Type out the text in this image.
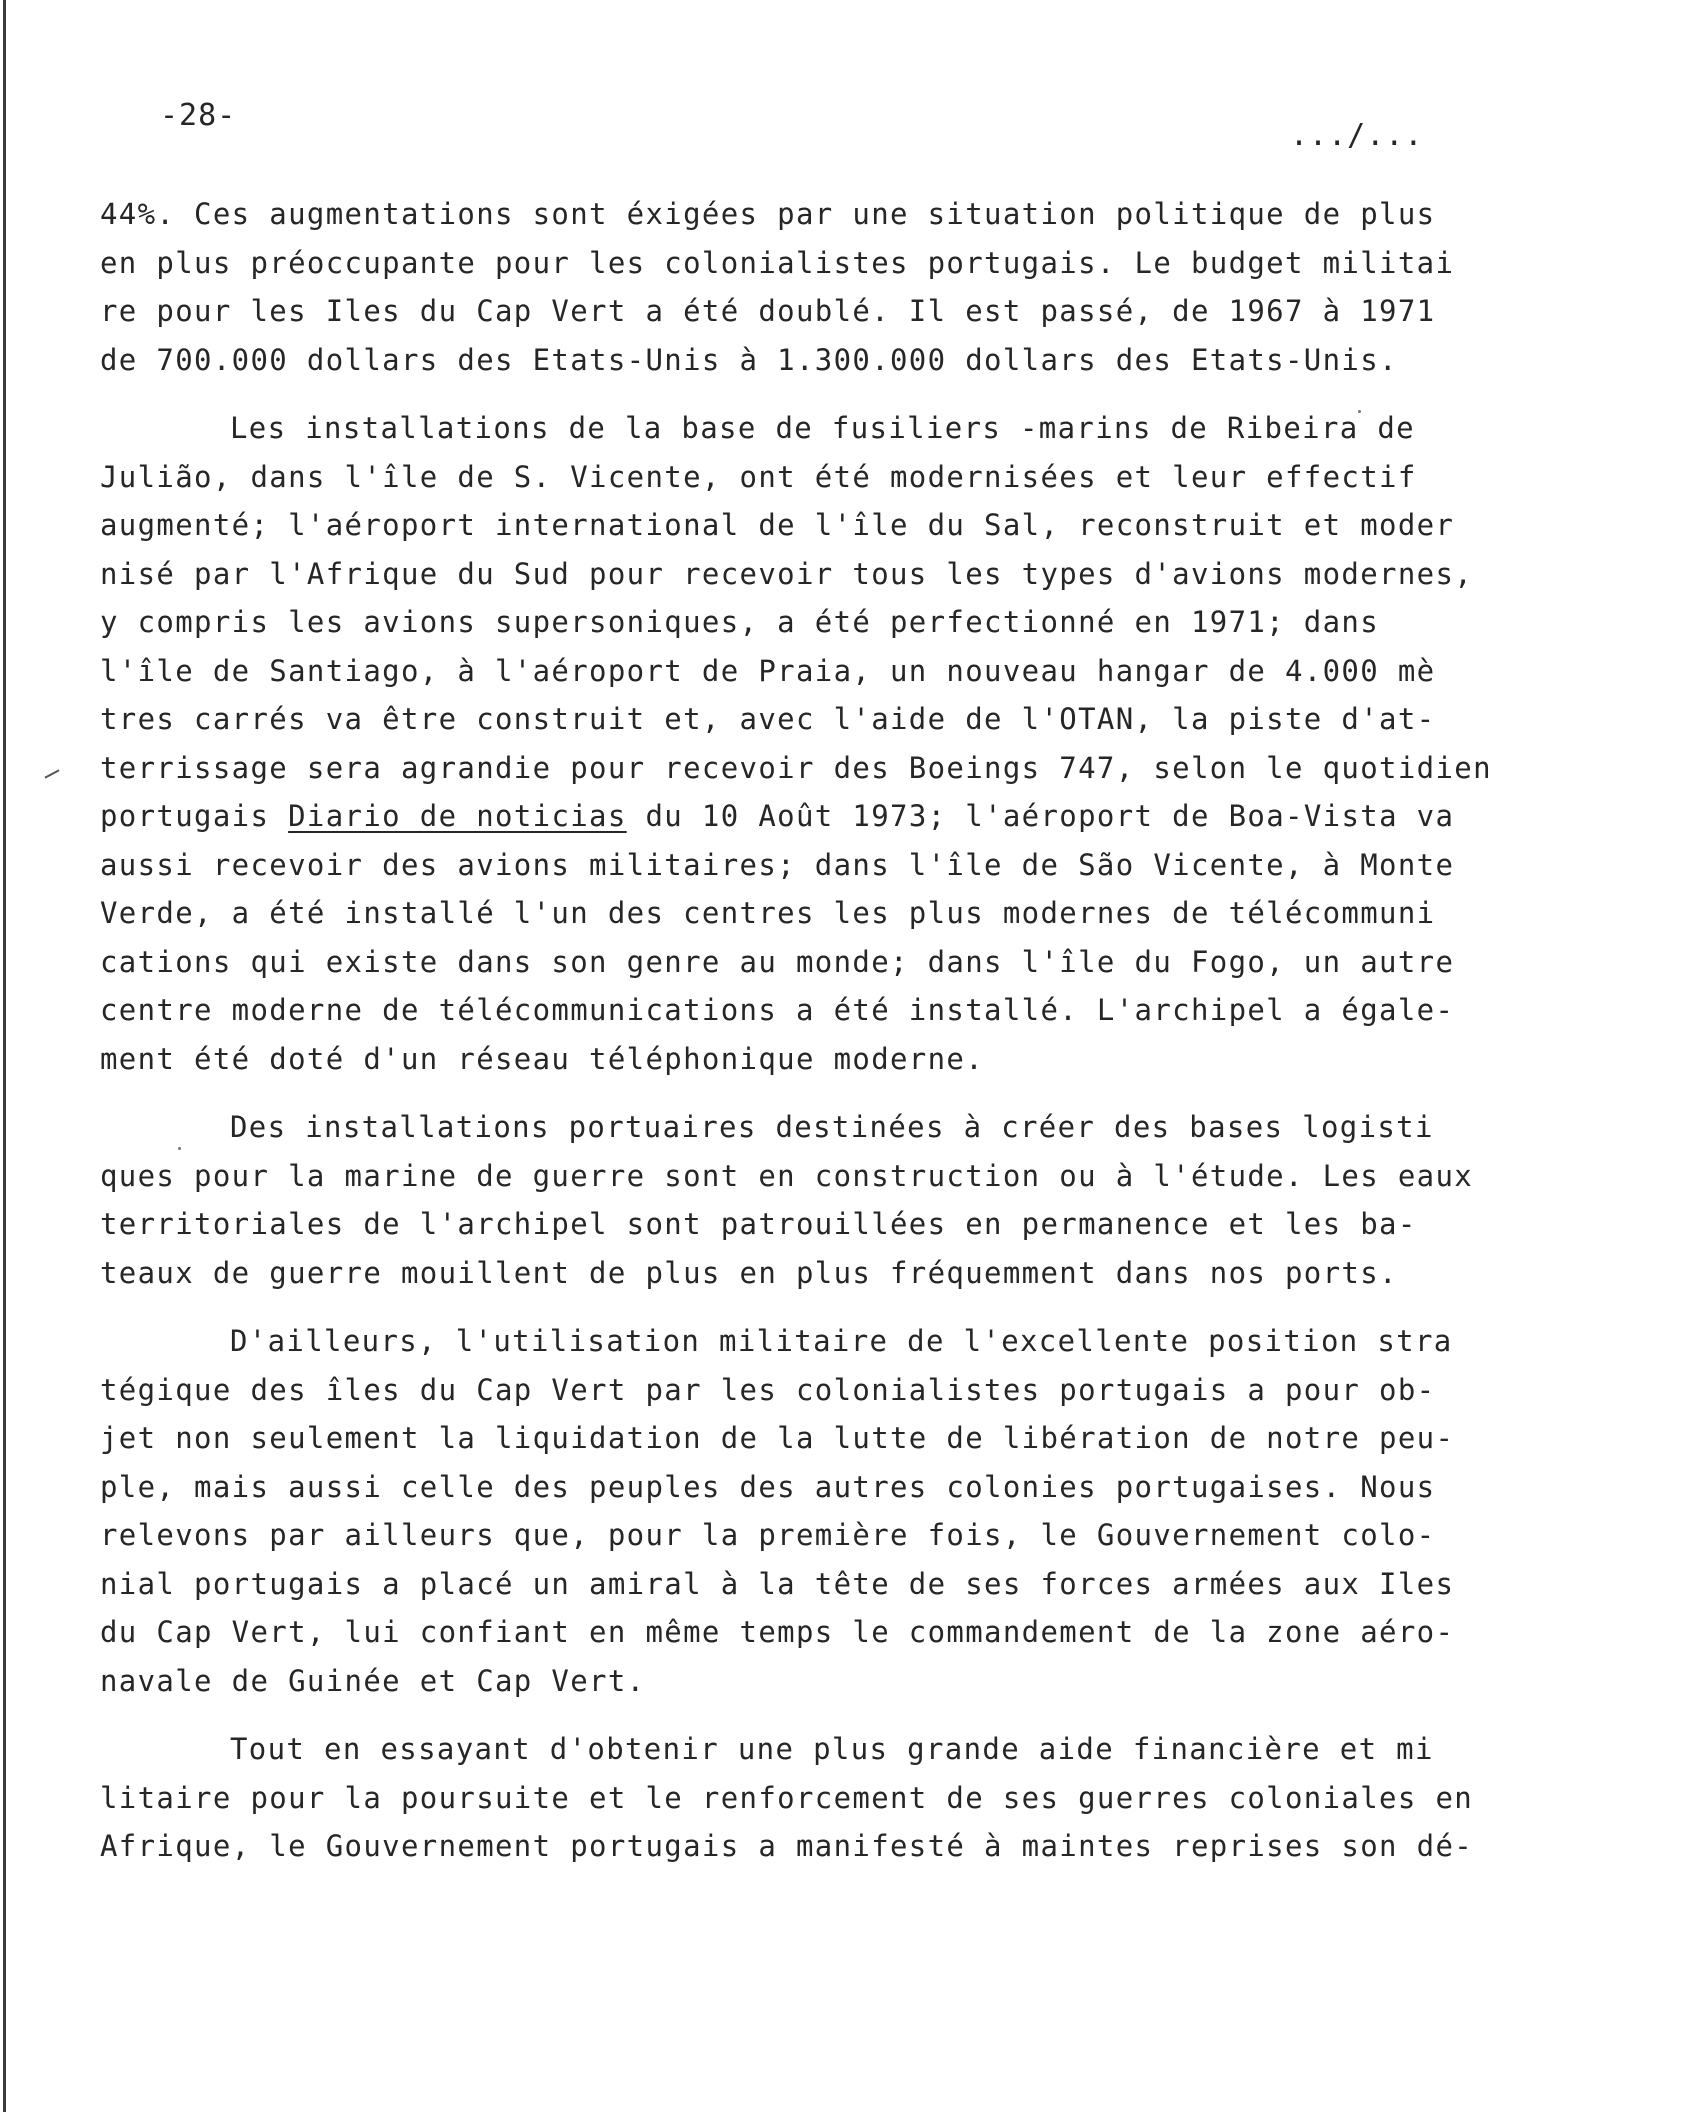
-28-
.../...
44%. Ces augmentations sont éxigées par une situation politique de plus
en plus préoccupante pour les colonialistes portugais. Le budget militai
re pour les Iles du Cap Vert a été doublé. Il est passé, de 1967 à 1971
de 700.000 dollars des Etats-Unis à 1.300.000 dollars des Etats-Unis.
Les installations de la base de fusiliers -marins de Ribeira de
Julião, dans l'île de S. Vicente, ont été modernisées et leur effectif
augmenté; l'aéroport international de l'île du Sal, reconstruit et moder
nisé par l'Afrique du Sud pour recevoir tous les types d'avions modernes,
y compris les avions supersoniques, a été perfectionné en 1971; dans
l'île de Santiago, à l'aéroport de Praia, un nouveau hangar de 4.000 mè
tres carrés va être construit et, avec l'aide de l'OTAN, la piste d'at-
terrissage sera agrandie pour recevoir des Boeings 747, selon le quotidien
portugais Diario de noticias du 10 Août 1973; l'aéroport de Boa-Vista va
aussi recevoir des avions militaires; dans l'île de São Vicente, à Monte
Verde, a été installé l'un des centres les plus modernes de télécommuni
cations qui existe dans son genre au monde; dans l'île du Fogo, un autre
centre moderne de télécommunications a été installé. L'archipel a égale-
ment été doté d'un réseau téléphonique moderne.
Des installations portuaires destinées à créer des bases logisti
ques pour la marine de guerre sont en construction ou à l'étude. Les eaux
territoriales de l'archipel sont patrouillées en permanence et les ba-
teaux de guerre mouillent de plus en plus fréquemment dans nos ports.
D'ailleurs, l'utilisation militaire de l'excellente position stra
tégique des îles du Cap Vert par les colonialistes portugais a pour ob-
jet non seulement la liquidation de la lutte de libération de notre peu-
ple, mais aussi celle des peuples des autres colonies portugaises. Nous
relevons par ailleurs que, pour la première fois, le Gouvernement colo-
nial portugais a placé un amiral à la tête de ses forces armées aux Iles
du Cap Vert, lui confiant en même temps le commandement de la zone aéro-
navale de Guinée et Cap Vert.
Tout en essayant d'obtenir une plus grande aide financière et mi
litaire pour la poursuite et le renforcement de ses guerres coloniales en
Afrique, le Gouvernement portugais a manifesté à maintes reprises son dé-
